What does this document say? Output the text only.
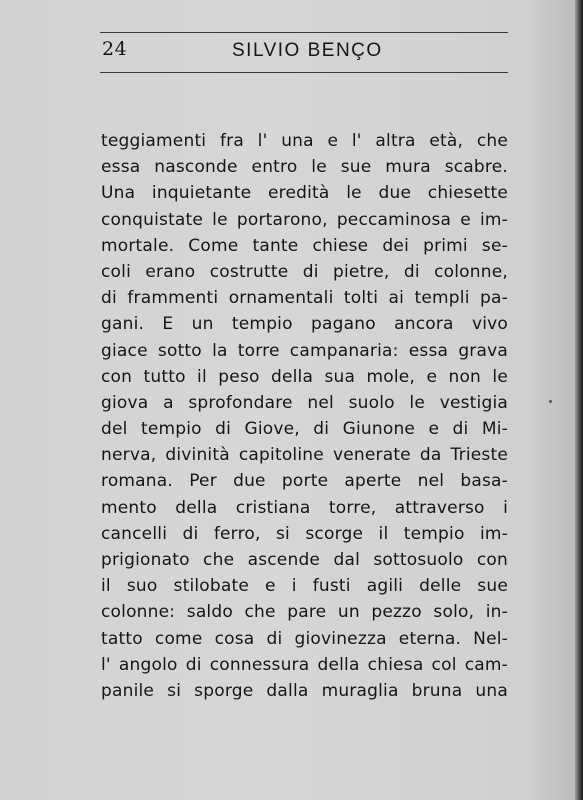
24	SILVIO BENÇO
teggiamenti fra l' una e l' altra età, che
essa nasconde entro le sue mura scabre.
Una inquietante eredità le due chiesette
conquistate le portarono, peccaminosa e im-
mortale. Come tante chiese dei primi se-
coli erano costrutte di pietre, di colonne,
di frammenti ornamentali tolti ai templi pa-
gani. E un tempio pagano ancora vivo
giace sotto la torre campanaria: essa grava
con tutto il peso della sua mole, e non le
giova a sprofondare nel suolo le vestigia
del tempio di Giove, di Giunone e di Mi-
nerva, divinità capitoline venerate da Trieste
romana. Per due porte aperte nel basa-
mento della cristiana torre, attraverso i
cancelli di ferro, si scorge il tempio im-
prigionato che ascende dal sottosuolo con
il suo stilobate e i fusti agili delle sue
colonne: saldo che pare un pezzo solo, in-
tatto come cosa di giovinezza eterna. Nel-
l' angolo di connessura della chiesa col cam-
panile si sporge dalla muraglia bruna una
